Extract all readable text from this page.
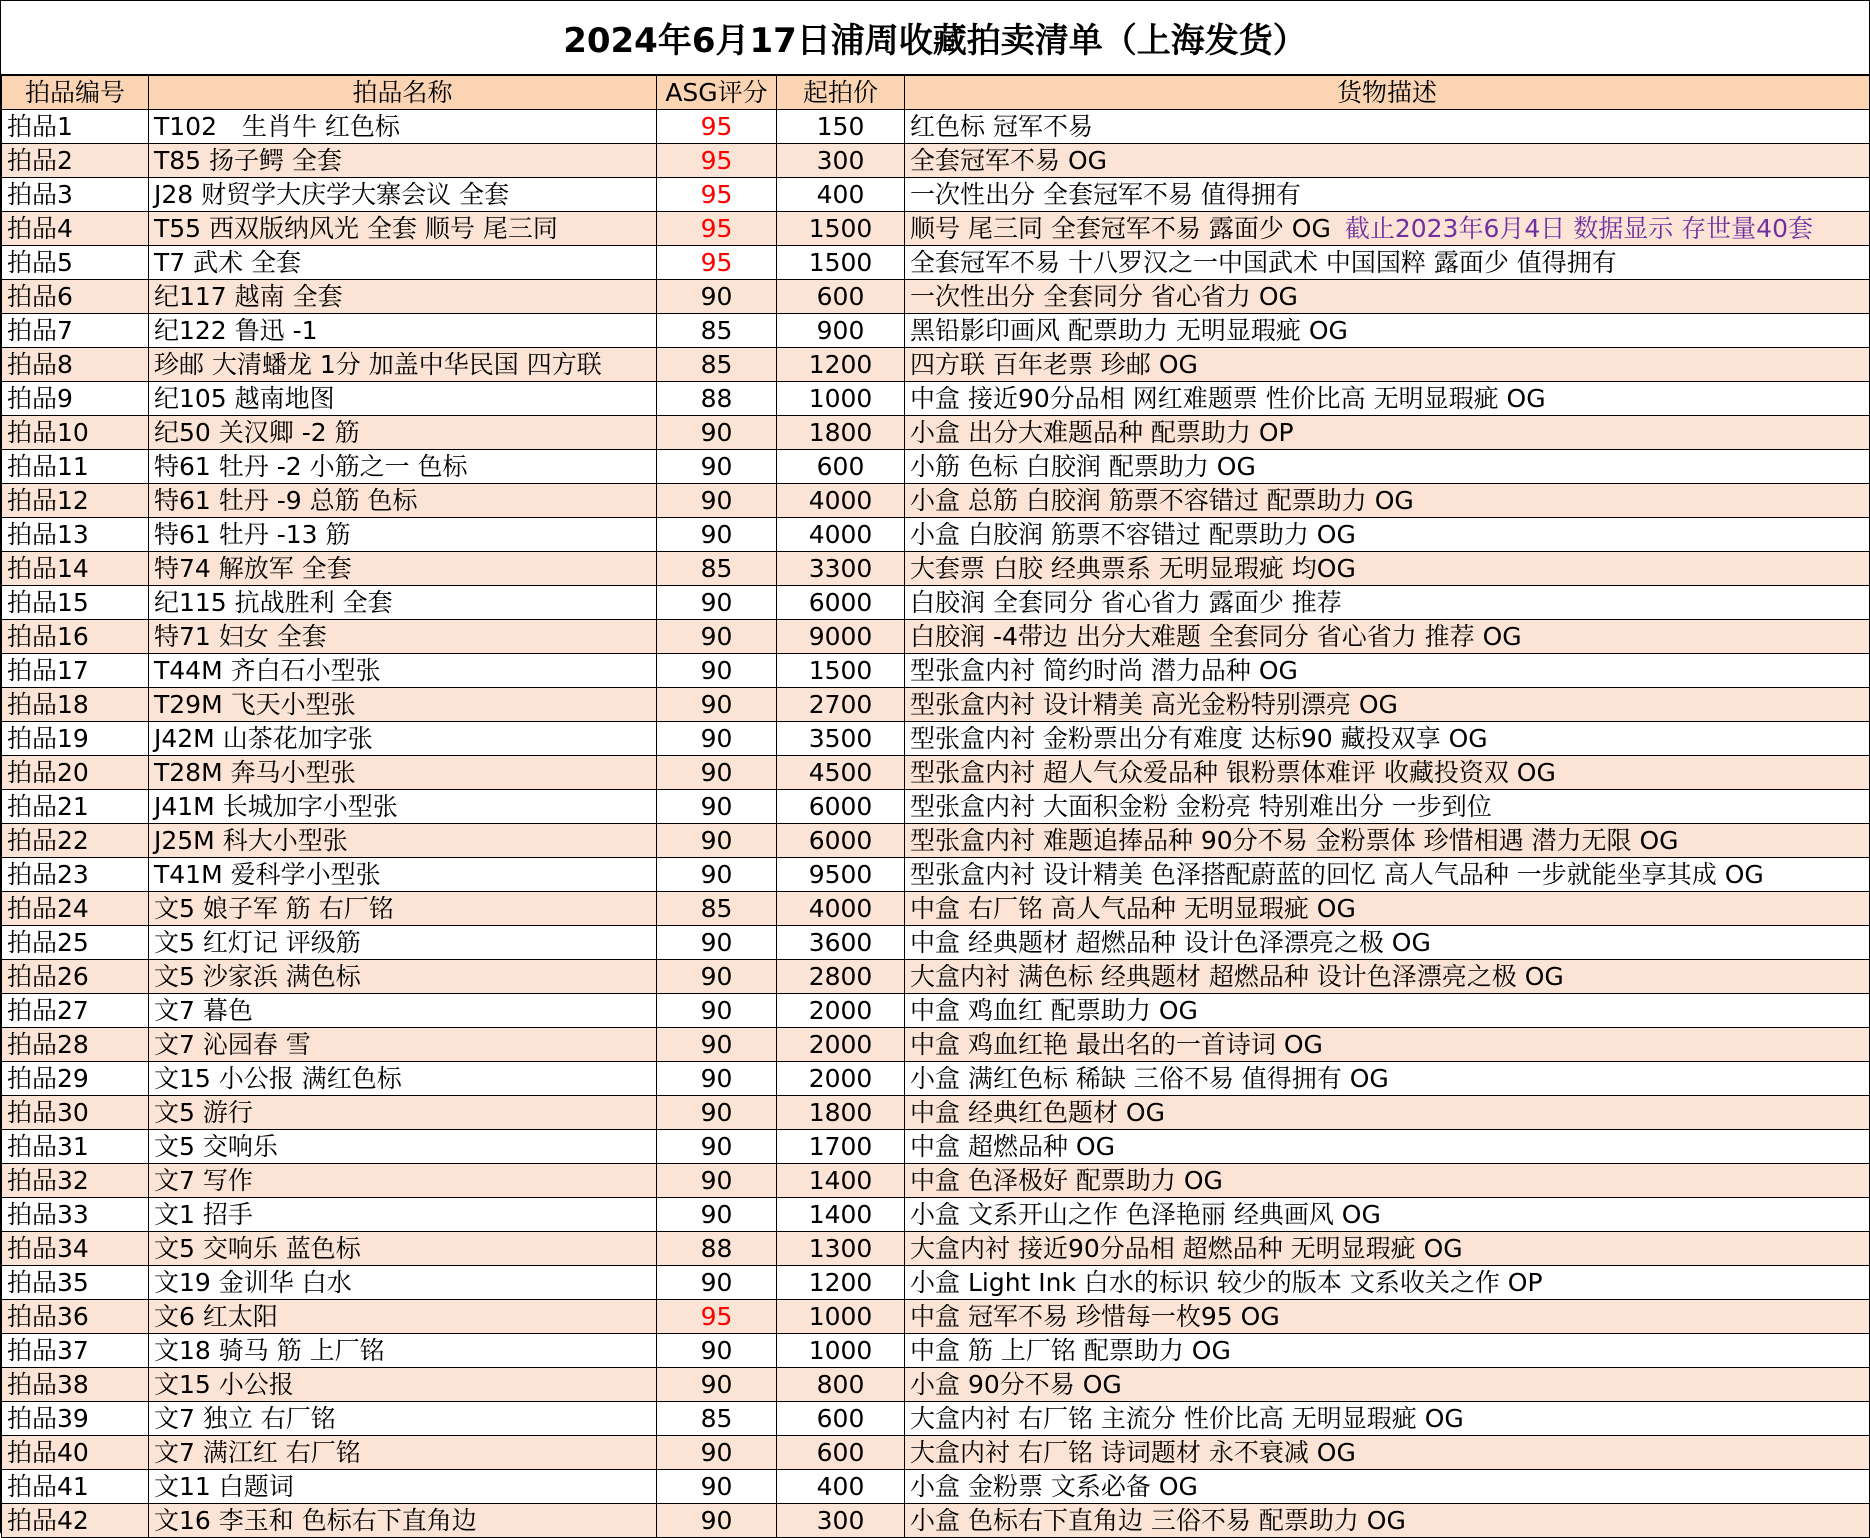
2024年6月17日浦周收藏拍卖清单（上海发货）
拍品编号	拍品名称	ASG评分	起拍价	货物描述
拍品1	T102　生肖牛 红色标	95	150	红色标 冠军不易
拍品2	T85 扬子鳄 全套	95	300	全套冠军不易 OG
拍品3	J28 财贸学大庆学大寨会议 全套	95	400	一次性出分 全套冠军不易 值得拥有
拍品4	T55 西双版纳风光 全套 顺号 尾三同	95	1500	顺号 尾三同 全套冠军不易 露面少 OG 截止2023年6月4日 数据显示 存世量40套
拍品5	T7 武术 全套	95	1500	全套冠军不易 十八罗汉之一中国武术 中国国粹 露面少 值得拥有
拍品6	纪117 越南 全套	90	600	一次性出分 全套同分 省心省力 OG
拍品7	纪122 鲁迅 -1	85	900	黑铅影印画风 配票助力 无明显瑕疵 OG
拍品8	珍邮 大清蟠龙 1分 加盖中华民国 四方联	85	1200	四方联 百年老票 珍邮 OG
拍品9	纪105 越南地图	88	1000	中盒 接近90分品相 网红难题票 性价比高 无明显瑕疵 OG
拍品10	纪50 关汉卿 -2 筋	90	1800	小盒 出分大难题品种 配票助力 OP
拍品11	特61 牡丹 -2 小筋之一 色标	90	600	小筋 色标 白胶润 配票助力 OG
拍品12	特61 牡丹 -9 总筋 色标	90	4000	小盒 总筋 白胶润 筋票不容错过 配票助力 OG
拍品13	特61 牡丹 -13 筋	90	4000	小盒 白胶润 筋票不容错过 配票助力 OG
拍品14	特74 解放军 全套	85	3300	大套票 白胶 经典票系 无明显瑕疵 均OG
拍品15	纪115 抗战胜利 全套	90	6000	白胶润 全套同分 省心省力 露面少 推荐
拍品16	特71 妇女 全套	90	9000	白胶润 -4带边 出分大难题 全套同分 省心省力 推荐 OG
拍品17	T44M 齐白石小型张	90	1500	型张盒内衬 简约时尚 潜力品种 OG
拍品18	T29M 飞天小型张	90	2700	型张盒内衬 设计精美 高光金粉特别漂亮 OG
拍品19	J42M 山茶花加字张	90	3500	型张盒内衬 金粉票出分有难度 达标90 藏投双享 OG
拍品20	T28M 奔马小型张	90	4500	型张盒内衬 超人气众爱品种 银粉票体难评 收藏投资双 OG
拍品21	J41M 长城加字小型张	90	6000	型张盒内衬 大面积金粉 金粉亮 特别难出分 一步到位
拍品22	J25M 科大小型张	90	6000	型张盒内衬 难题追捧品种 90分不易 金粉票体 珍惜相遇 潜力无限 OG
拍品23	T41M 爱科学小型张	90	9500	型张盒内衬 设计精美 色泽搭配蔚蓝的回忆 高人气品种 一步就能坐享其成 OG
拍品24	文5 娘子军 筋 右厂铭	85	4000	中盒 右厂铭 高人气品种 无明显瑕疵 OG
拍品25	文5 红灯记 评级筋	90	3600	中盒 经典题材 超燃品种 设计色泽漂亮之极 OG
拍品26	文5 沙家浜 满色标	90	2800	大盒内衬 满色标 经典题材 超燃品种 设计色泽漂亮之极 OG
拍品27	文7 暮色	90	2000	中盒 鸡血红 配票助力 OG
拍品28	文7 沁园春 雪	90	2000	中盒 鸡血红艳 最出名的一首诗词 OG
拍品29	文15 小公报 满红色标	90	2000	小盒 满红色标 稀缺 三俗不易 值得拥有 OG
拍品30	文5 游行	90	1800	中盒 经典红色题材 OG
拍品31	文5 交响乐	90	1700	中盒 超燃品种 OG
拍品32	文7 写作	90	1400	中盒 色泽极好 配票助力 OG
拍品33	文1 招手	90	1400	小盒 文系开山之作 色泽艳丽 经典画风 OG
拍品34	文5 交响乐 蓝色标	88	1300	大盒内衬 接近90分品相 超燃品种 无明显瑕疵 OG
拍品35	文19 金训华 白水	90	1200	小盒 Light Ink 白水的标识 较少的版本 文系收关之作 OP
拍品36	文6 红太阳	95	1000	中盒 冠军不易 珍惜每一枚95 OG
拍品37	文18 骑马 筋 上厂铭	90	1000	中盒 筋 上厂铭 配票助力 OG
拍品38	文15 小公报	90	800	小盒 90分不易 OG
拍品39	文7 独立 右厂铭	85	600	大盒内衬 右厂铭 主流分 性价比高 无明显瑕疵 OG
拍品40	文7 满江红 右厂铭	90	600	大盒内衬 右厂铭 诗词题材 永不衰减 OG
拍品41	文11 白题词	90	400	小盒 金粉票 文系必备 OG
拍品42	文16 李玉和 色标右下直角边	90	300	小盒 色标右下直角边 三俗不易 配票助力 OG
